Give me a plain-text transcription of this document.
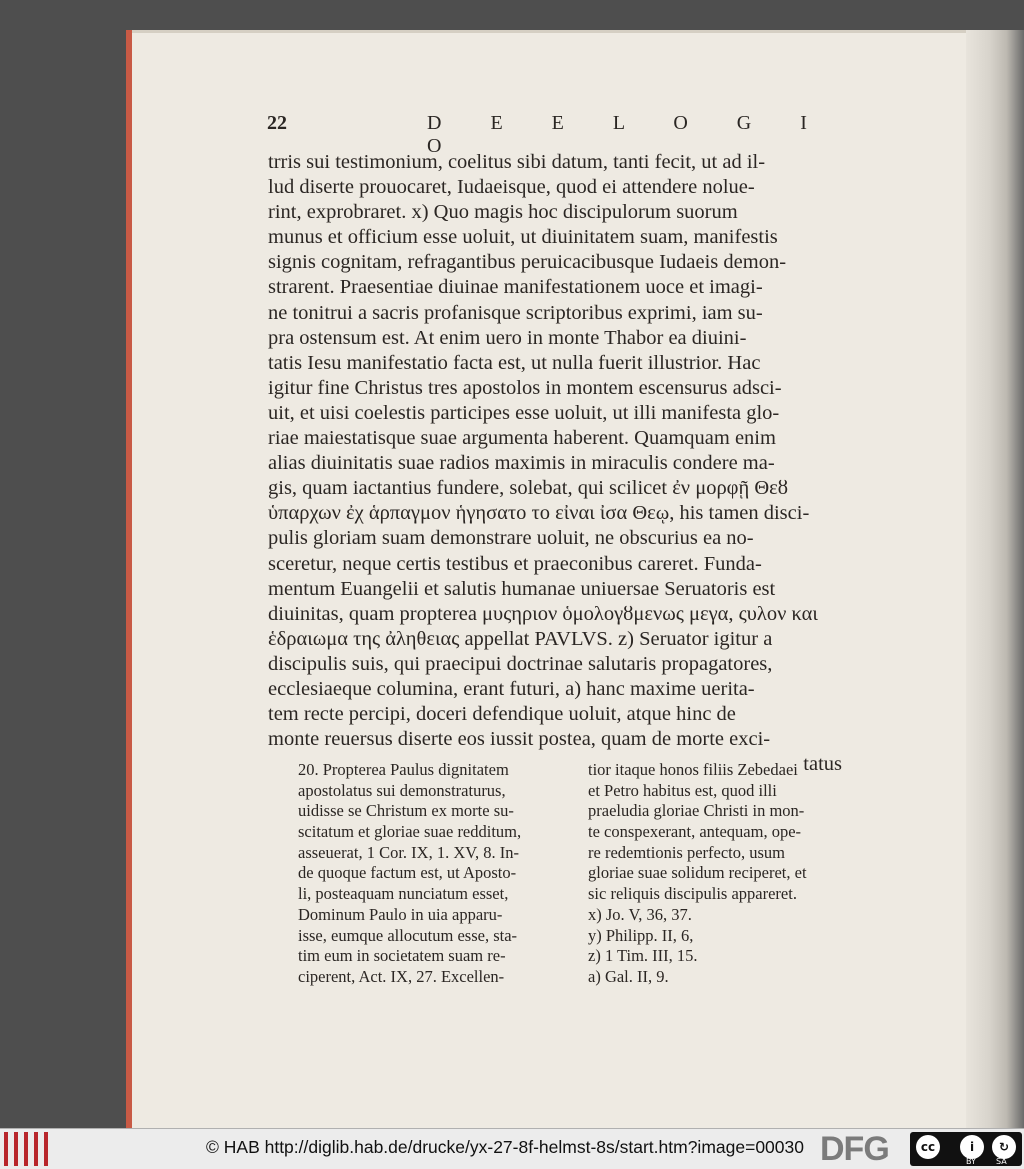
22	D E E L O G I O
trris sui testimonium, coelitus sibi datum, tanti fecit, ut ad il-
lud diserte prouocaret, Iudaeisque, quod ei attendere noluе-
rint, exprobraret. x) Quo magis hoc discipulorum suorum
munus et officium esse uoluit, ut diuinitatem suam, manifestis
signis cognitam, refragantibus peruicacibusque Iudaeis demon-
strarent. Praesentiae diuinae manifestationem uoce et imagi-
ne tonitrui a sacris profanisque scriptoribus exprimi, iam su-
pra ostensum est. At enim uero in monte Thabor ea diuini-
tatis Iesu manifestatio facta est, ut nulla fuerit illustrior. Hac
igitur fine Christus tres apostolos in montem escensurus adsci-
uit, et uisi coelestis participes esse uoluit, ut illi manifesta glo-
riae maiestatisque suae argumenta haberent. Quamquam enim
alias diuinitatis suae radios maximis in miraculis condere ma-
gis, quam iactantius fundere, solebat, qui scilicet ἐν μορφῇ Θεȣ
ὑπαρχων ἐχ ἁρπαγμον ἡγησατο το εἰναι ἰσα Θεῳ, his tamen disci-
pulis gloriam suam demonstrare uoluit, ne obscurius ea no-
sceretur, neque certis testibus et praeconibus careret. Funda-
mentum Euangelii et salutis humanae uniuersae Seruatoris est
diuinitas, quam propterea μυςηριον ὁμολογȣμενως μεγα, ςυλον και
ἑδραιωμα της ἀληθειας appellat PAVLVS. z) Seruator igitur a
discipulis suis, qui praecipui doctrinae salutaris propagatores,
ecclesiaeque columina, erant futuri, a) hanc maxime uerita-
tem recte percipi, doceri defendique uoluit, atque hinc de
monte reuersus diserte eos iussit postea, quam de morte exci-
tatus
20. Propterea Paulus dignitatem
apostolatus sui demonstraturus,
uidisse se Christum ex morte su-
scitatum et gloriae suae redditum,
asseuerat, 1 Cor. IX, 1. XV, 8. In-
de quoque factum est, ut Aposto-
li, posteaquam nunciatum esset,
Dominum Paulo in uia apparu-
isse, eumque allocutum esse, sta-
tim eum in societatem suam re-
ciperent, Act. IX, 27. Excellen-
tior itaque honos filiis Zebedaei
et Petro habitus est, quod illi
praeludia gloriae Christi in mon-
te conspexerant, antequam, ope-
re redemtionis perfecto, usum
gloriae suae solidum reciperet, et
sic reliquis discipulis appareret.
x) Jo. V, 36, 37.
y) Philipp. II, 6,
z) 1 Tim. III, 15.
a) Gal. II, 9.
© HAB http://diglib.hab.de/drucke/yx-27-8f-helmst-8s/start.htm?image=00030 DFG	cc	i	↻
BY	SA
